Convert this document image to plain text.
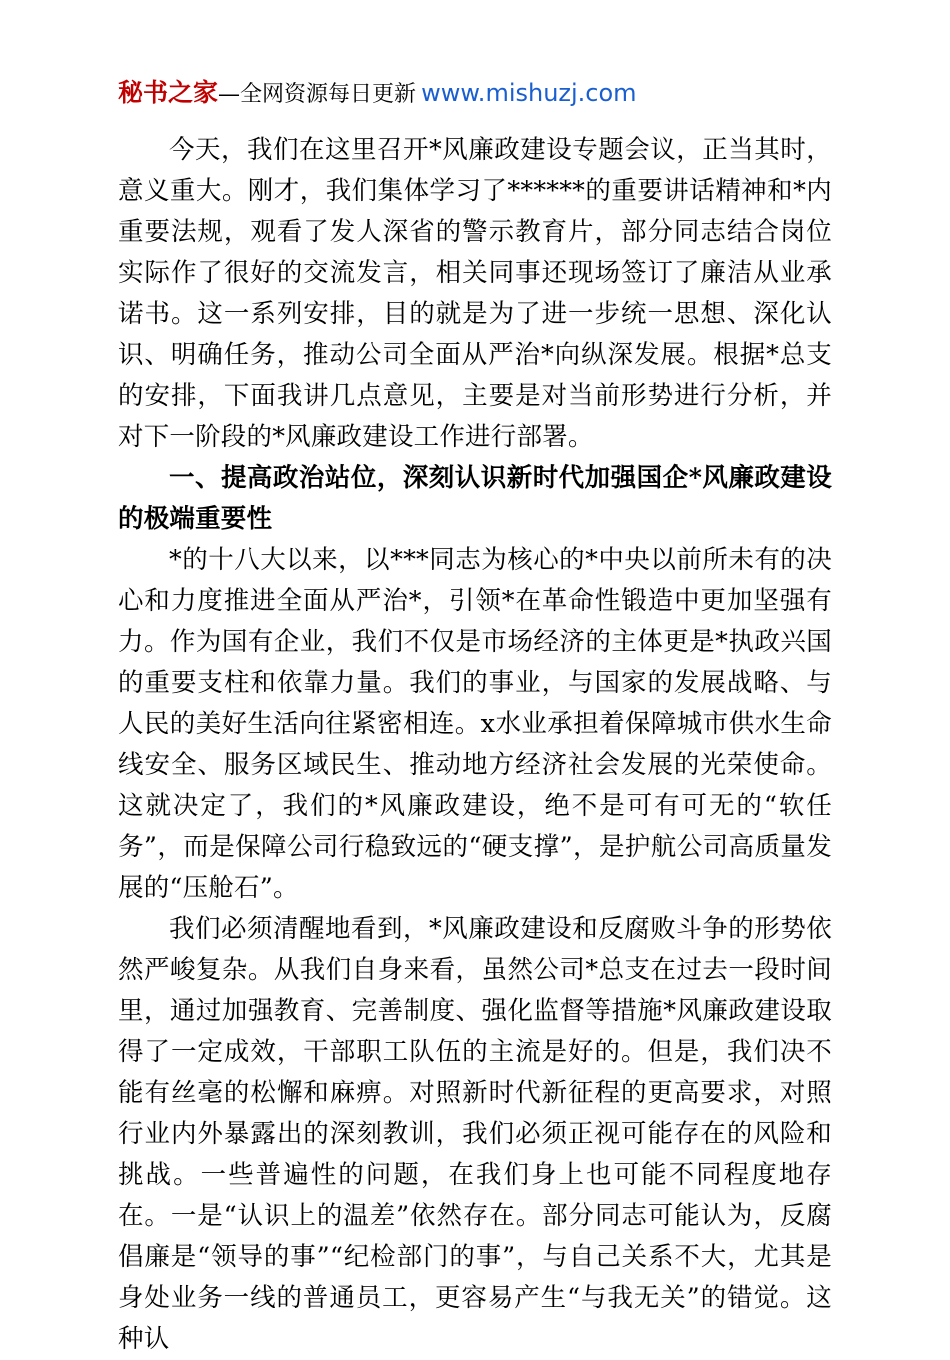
秘书之家—全网资源每日更新 www.mishuzj.com

今天，我们在这里召开*风廉政建设专题会议，正当其时，意义重大。刚才，我们集体学习了******的重要讲话精神和*内重要法规，观看了发人深省的警示教育片，部分同志结合岗位实际作了很好的交流发言，相关同事还现场签订了廉洁从业承诺书。这一系列安排，目的就是为了进一步统一思想、深化认识、明确任务，推动公司全面从严治*向纵深发展。根据*总支的安排，下面我讲几点意见，主要是对当前形势进行分析，并对下一阶段的*风廉政建设工作进行部署。

一、提高政治站位，深刻认识新时代加强国企*风廉政建设的极端重要性

*的十八大以来，以***同志为核心的*中央以前所未有的决心和力度推进全面从严治*，引领*在革命性锻造中更加坚强有力。作为国有企业，我们不仅是市场经济的主体更是*执政兴国的重要支柱和依靠力量。我们的事业，与国家的发展战略、与人民的美好生活向往紧密相连。x水业承担着保障城市供水生命线安全、服务区域民生、推动地方经济社会发展的光荣使命。这就决定了，我们的*风廉政建设，绝不是可有可无的“软任务”，而是保障公司行稳致远的“硬支撑”，是护航公司高质量发展的“压舱石”。

我们必须清醒地看到，*风廉政建设和反腐败斗争的形势依然严峻复杂。从我们自身来看，虽然公司*总支在过去一段时间里，通过加强教育、完善制度、强化监督等措施*风廉政建设取得了一定成效，干部职工队伍的主流是好的。但是，我们决不能有丝毫的松懈和麻痹。对照新时代新征程的更高要求，对照行业内外暴露出的深刻教训，我们必须正视可能存在的风险和挑战。一些普遍性的问题，在我们身上也可能不同程度地存在。一是“认识上的温差”依然存在。部分同志可能认为，反腐倡廉是“领导的事”“纪检部门的事”，与自己关系不大，尤其是身处业务一线的普通员工，更容易产生“与我无关”的错觉。这种认
